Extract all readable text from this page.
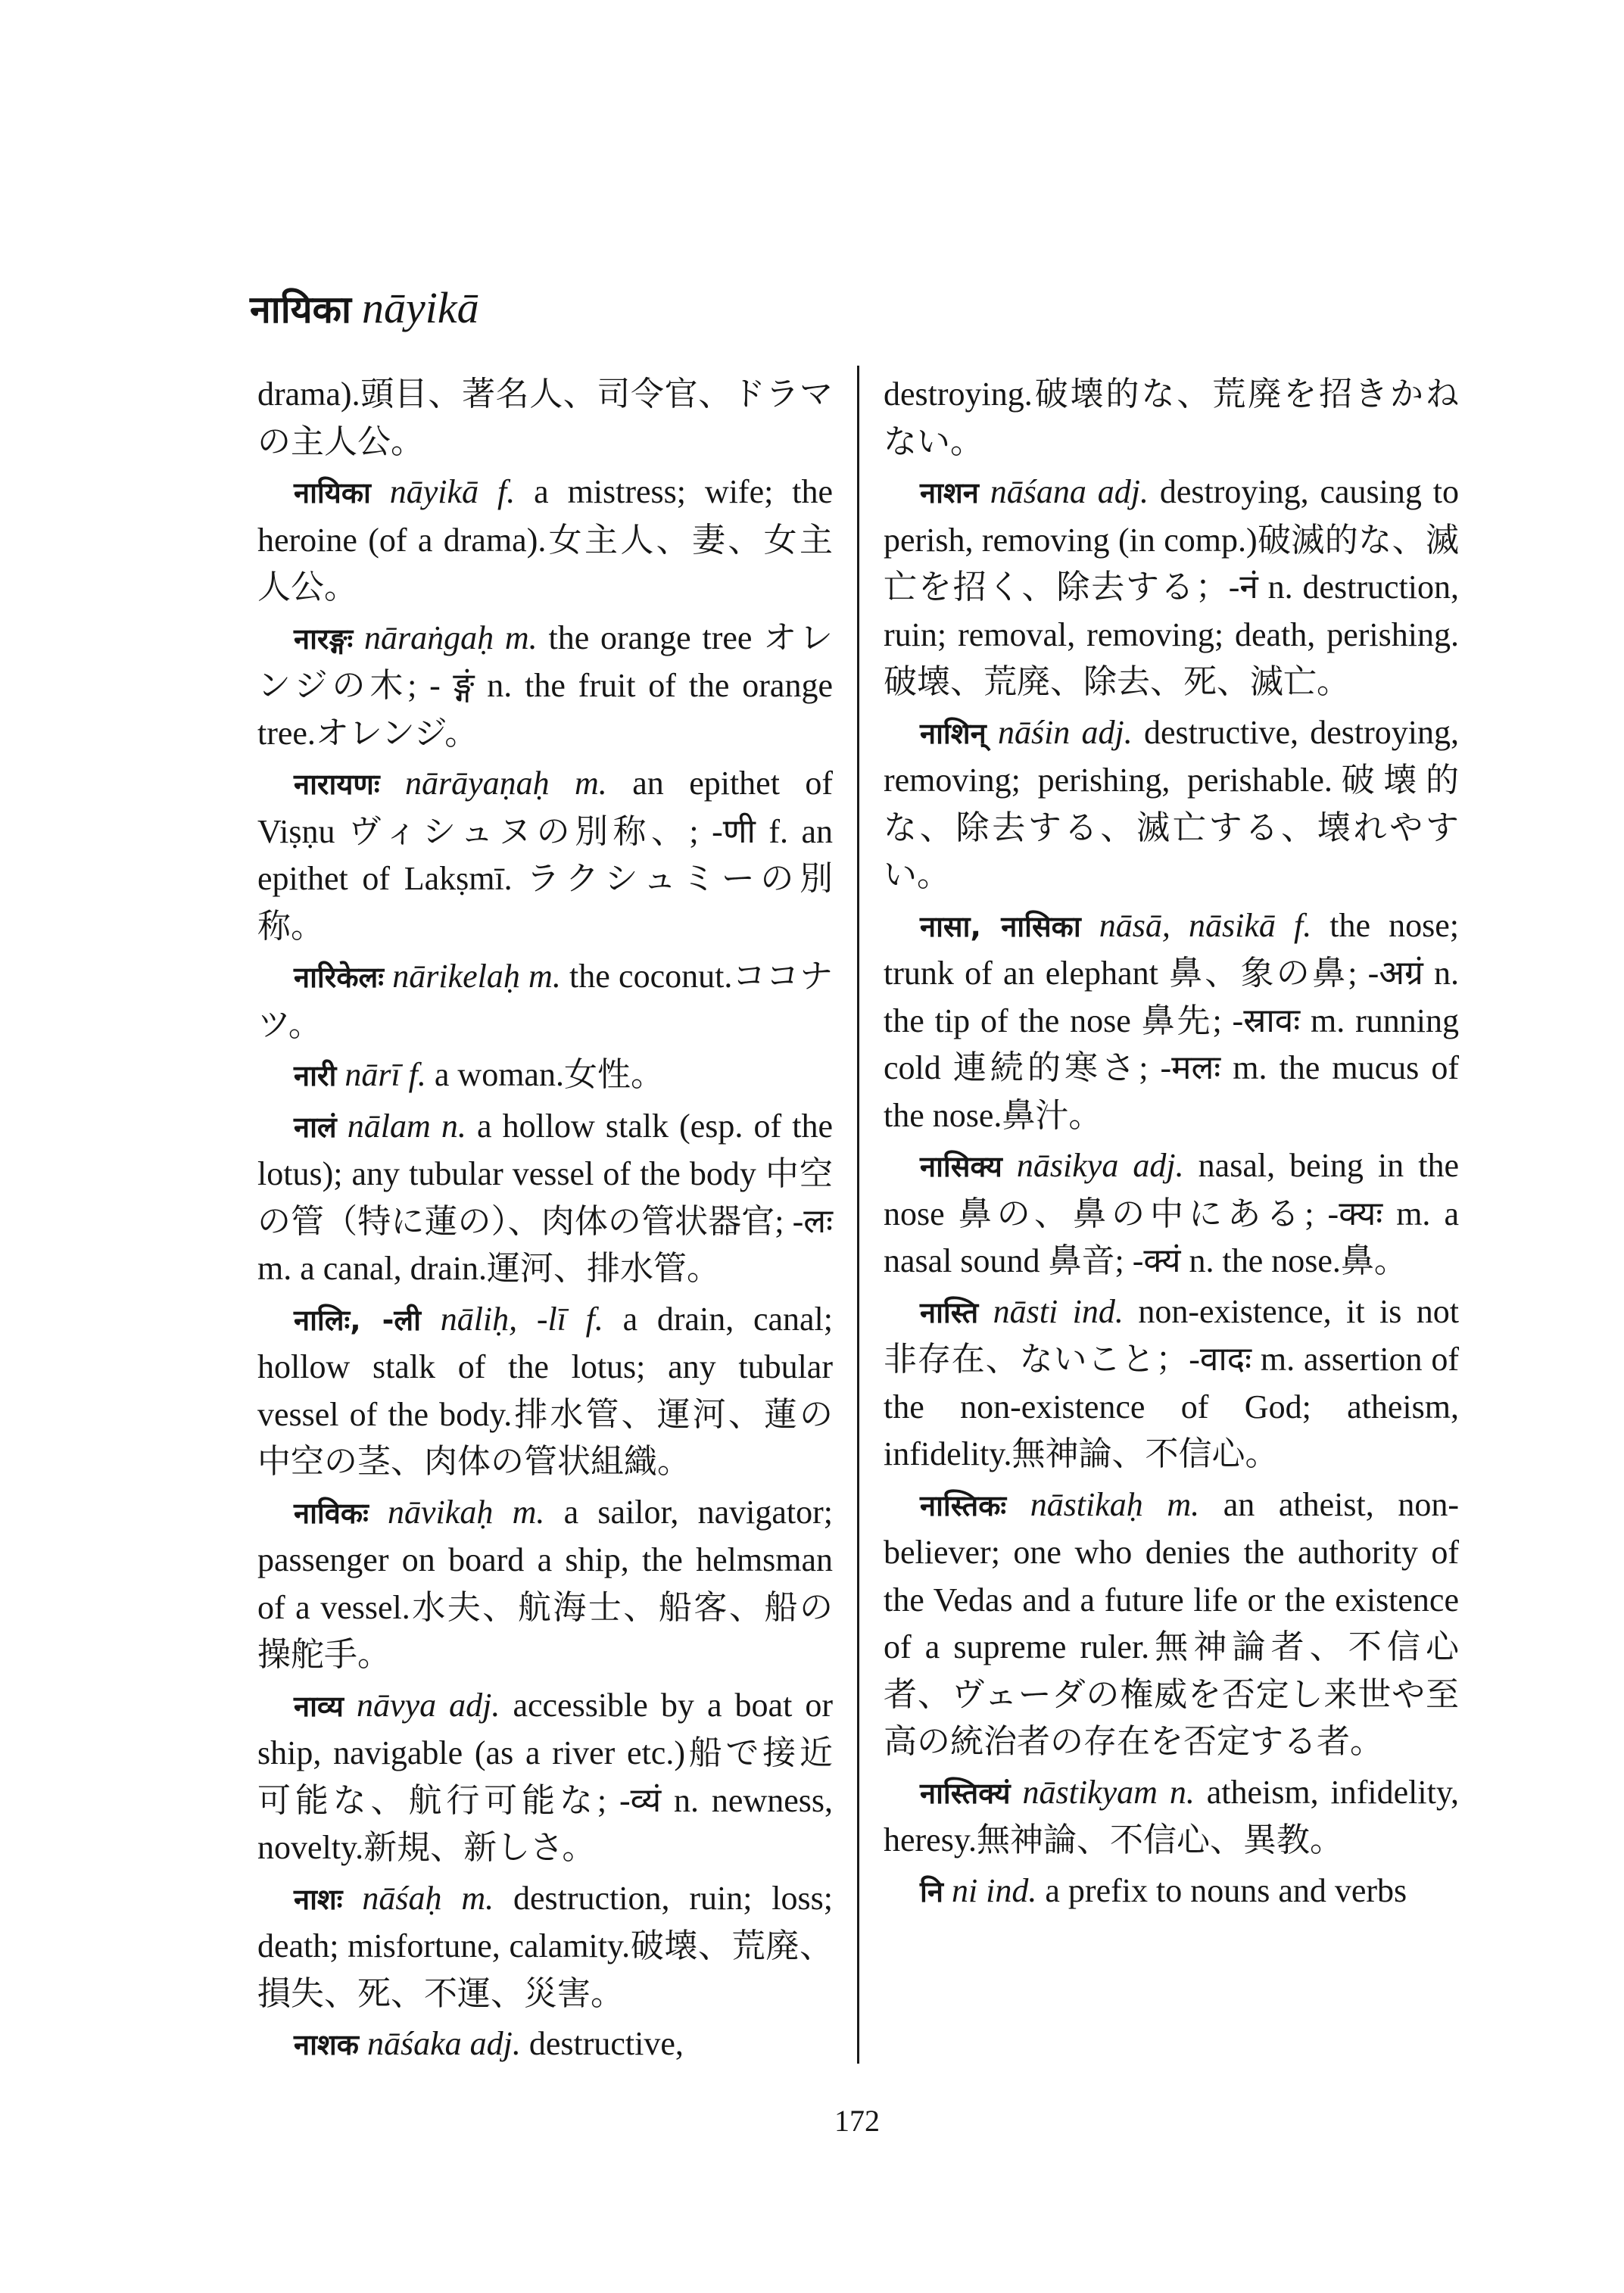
नायिका nāyikā

drama).頭目、著名人、司令官、ドラマの主人公。

नायिका nāyikā f. a mistress; wife; the heroine (of a drama).女主人、妻、女主人公。

नारङ्गः nāraṅgaḥ m. the orange tree オレンジの木; - ङ्गं n. the fruit of the orange tree.オレンジ。

नारायणः nārāyaṇaḥ m. an epithet of Viṣṇu ヴィシュヌの別称、; -णी f. an epithet of Lakṣmī. ラクシュミーの別称。

नारिकेलः nārikelaḥ m. the coconut.ココナツ。

नारी nārī f. a woman.女性。

नालं nālam n. a hollow stalk (esp. of the lotus); any tubular vessel of the body 中空の管（特に蓮の）、肉体の管状器官; -लः m. a canal, drain.運河、排水管。

नालिः, -ली nāliḥ, -lī f. a drain, canal; hollow stalk of the lotus; any tubular vessel of the body.排水管、運河、蓮の中空の茎、肉体の管状組織。

नाविकः nāvikaḥ m. a sailor, navigator; passenger on board a ship, the helmsman of a vessel.水夫、航海士、船客、船の操舵手。

नाव्य nāvya adj. accessible by a boat or ship, navigable (as a river etc.)船で接近可能な、航行可能な; -व्यं n. newness, novelty.新規、新しさ。

नाशः nāśaḥ m. destruction, ruin; loss; death; misfortune, calamity.破壊、荒廃、損失、死、不運、災害。

नाशक nāśaka adj. destructive,

destroying.破壊的な、荒廃を招きかねない。

नाशन nāśana adj. destroying, causing to perish, removing (in comp.)破滅的な、滅亡を招く、除去する；-नं n. destruction, ruin; removal, removing; death, perishing.破壊、荒廃、除去、死、滅亡。

नाशिन् nāśin adj. destructive, destroying, removing; perishing, perishable.破壊的な、除去する、滅亡する、壊れやすい。

नासा, नासिका nāsā, nāsikā f. the nose; trunk of an elephant 鼻、象の鼻; -अग्रं n. the tip of the nose 鼻先; -स्रावः m. running cold 連続的寒さ; -मलः m. the mucus of the nose.鼻汁。

नासिक्य nāsikya adj. nasal, being in the nose 鼻の、鼻の中にある; -क्यः m. a nasal sound 鼻音; -क्यं n. the nose.鼻。

नास्ति nāsti ind. non-existence, it is not 非存在、ないこと；-वादः m. assertion of the non-existence of God; atheism, infidelity.無神論、不信心。

नास्तिकः nāstikaḥ m. an atheist, non-believer; one who denies the authority of the Vedas and a future life or the existence of a supreme ruler.無神論者、不信心者、ヴェーダの権威を否定し来世や至高の統治者の存在を否定する者。

नास्तिक्यं nāstikyam n. atheism, infidelity, heresy.無神論、不信心、異教。

नि ni ind. a prefix to nouns and verbs

172
